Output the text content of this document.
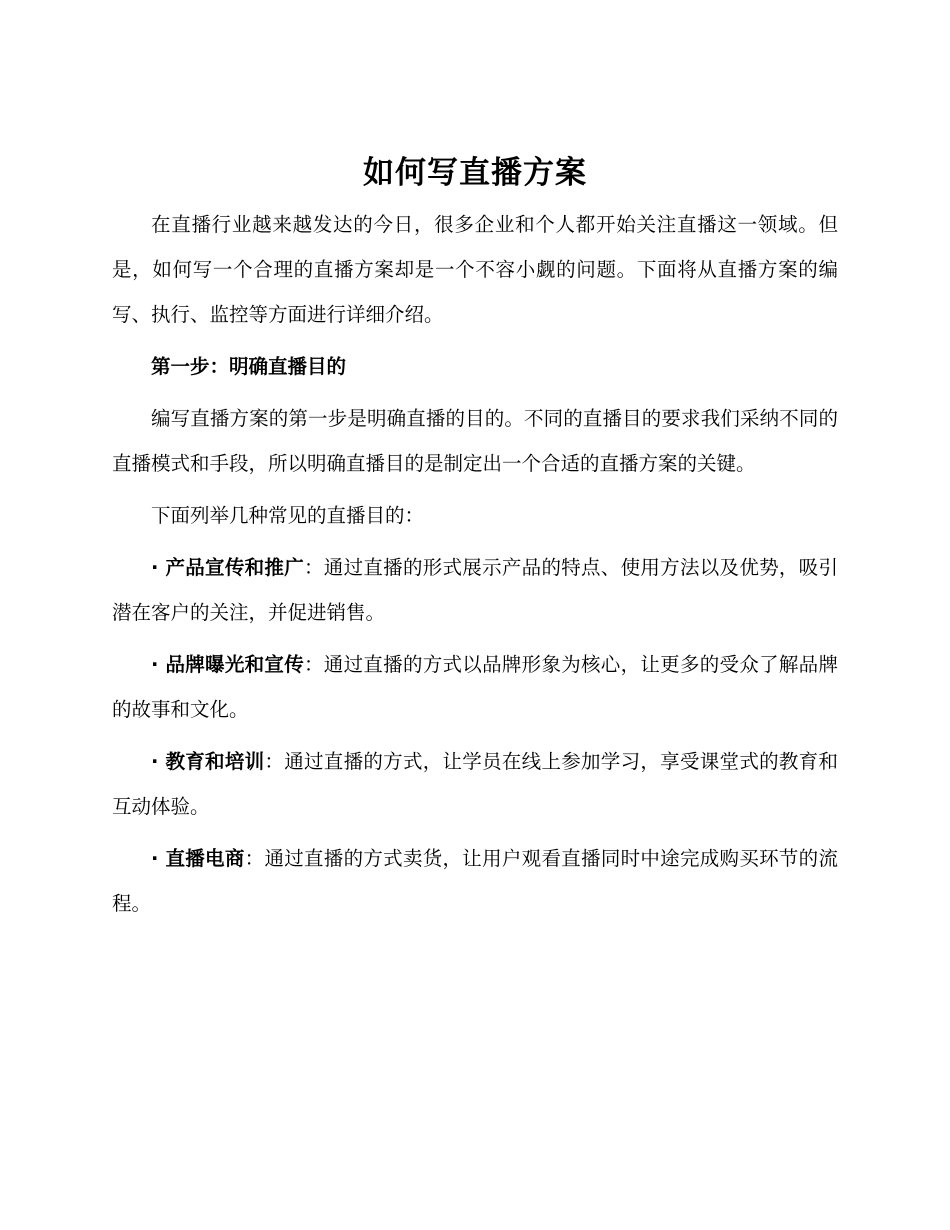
如何写直播方案

在直播行业越来越发达的今日，很多企业和个人都开始关注直播这一领域。但是，如何写一个合理的直播方案却是一个不容小觑的问题。下面将从直播方案的编写、执行、监控等方面进行详细介绍。

第一步：明确直播目的

编写直播方案的第一步是明确直播的目的。不同的直播目的要求我们采纳不同的直播模式和手段，所以明确直播目的是制定出一个合适的直播方案的关键。

下面列举几种常见的直播目的：

· 产品宣传和推广：通过直播的形式展示产品的特点、使用方法以及优势，吸引潜在客户的关注，并促进销售。

· 品牌曝光和宣传：通过直播的方式以品牌形象为核心，让更多的受众了解品牌的故事和文化。

· 教育和培训：通过直播的方式，让学员在线上参加学习，享受课堂式的教育和互动体验。

· 直播电商：通过直播的方式卖货，让用户观看直播同时中途完成购买环节的流程。
